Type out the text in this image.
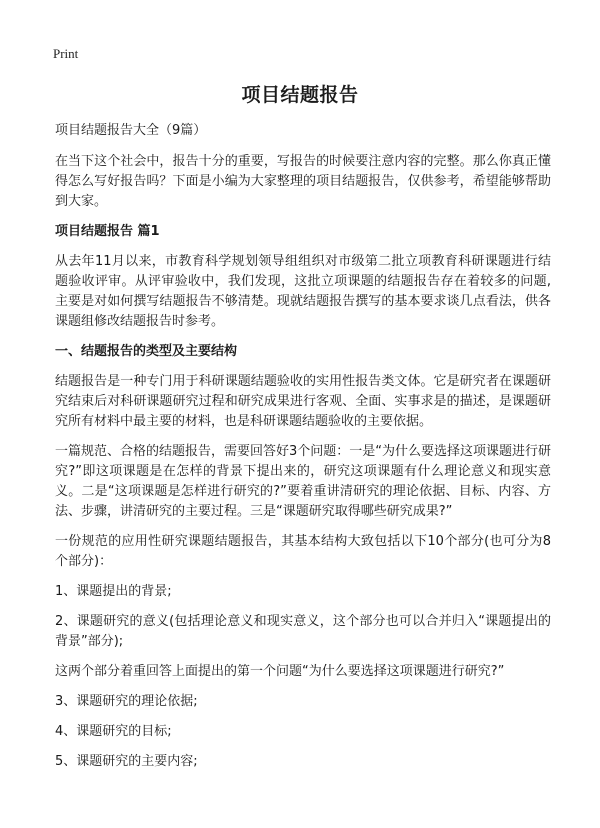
Print
项目结题报告

项目结题报告大全（9篇）

在当下这个社会中，报告十分的重要，写报告的时候要注意内容的完整。那么你真正懂得怎么写好报告吗？下面是小编为大家整理的项目结题报告，仅供参考，希望能够帮助到大家。

项目结题报告 篇1

从去年11月以来，市教育科学规划领导组组织对市级第二批立项教育科研课题进行结题验收评审。从评审验收中，我们发现，这批立项课题的结题报告存在着较多的问题,主要是对如何撰写结题报告不够清楚。现就结题报告撰写的基本要求谈几点看法，供各课题组修改结题报告时参考。

一、结题报告的类型及主要结构

结题报告是一种专门用于科研课题结题验收的实用性报告类文体。它是研究者在课题研究结束后对科研课题研究过程和研究成果进行客观、全面、实事求是的描述，是课题研究所有材料中最主要的材料，也是科研课题结题验收的主要依据。

一篇规范、合格的结题报告，需要回答好3个问题：一是“为什么要选择这项课题进行研究?”即这项课题是在怎样的背景下提出来的，研究这项课题有什么理论意义和现实意义。二是“这项课题是怎样进行研究的?”要着重讲清研究的理论依据、目标、内容、方法、步骤，讲清研究的主要过程。三是“课题研究取得哪些研究成果?”

一份规范的应用性研究课题结题报告，其基本结构大致包括以下10个部分(也可分为8个部分)：

1、课题提出的背景;

2、课题研究的意义(包括理论意义和现实意义，这个部分也可以合并归入“课题提出的背景”部分);

这两个部分着重回答上面提出的第一个问题“为什么要选择这项课题进行研究?”

3、课题研究的理论依据;

4、课题研究的目标;

5、课题研究的主要内容;
